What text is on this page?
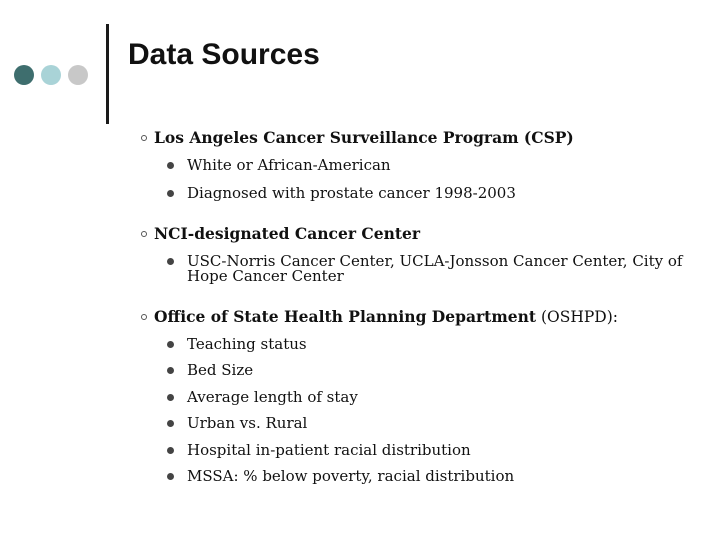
Data Sources
Los Angeles Cancer Surveillance Program (CSP)
White or African-American
Diagnosed with prostate cancer 1998-2003
NCI-designated Cancer Center
USC-Norris Cancer Center, UCLA-Jonsson Cancer Center, City of Hope Cancer Center
Office of State Health Planning Department (OSHPD):
Teaching status
Bed Size
Average length of stay
Urban vs. Rural
Hospital in-patient racial distribution
MSSA: % below poverty, racial distribution
